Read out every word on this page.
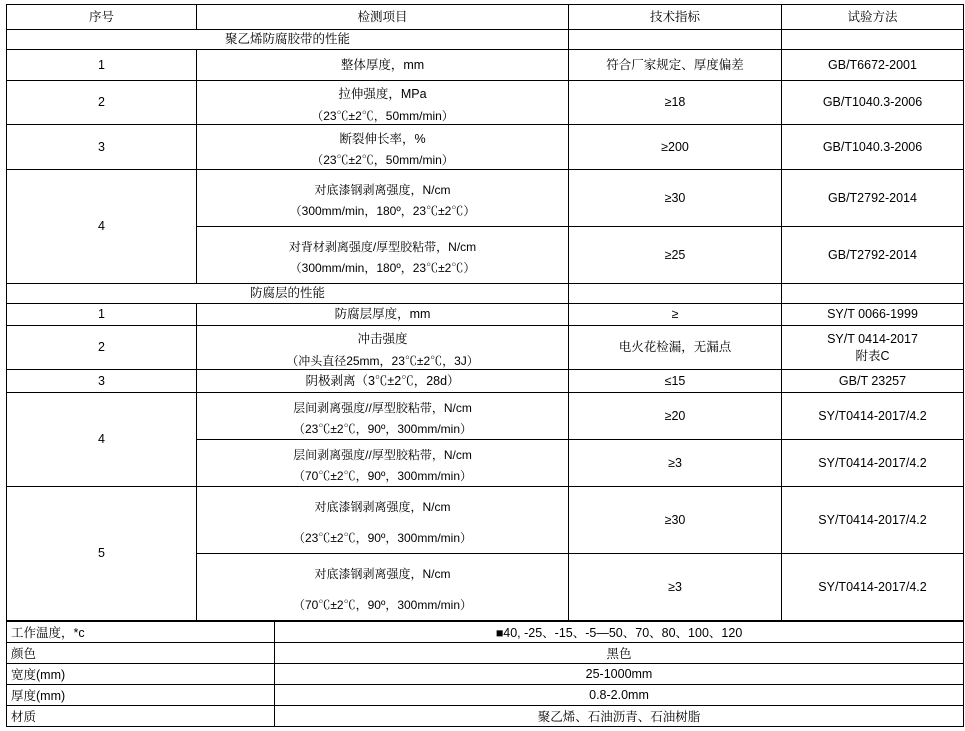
序号	检测项目	技术指标	试验方法
聚乙烯防腐胶带的性能			
1	整体厚度，mm	符合厂家规定、厚度偏差	GB/T6672-2001
2	拉伸强度，MPa
（23℃±2℃，50mm/min）	≥18	GB/T1040.3-2006
3	断裂伸长率，%
（23℃±2℃，50mm/min）	≥200	GB/T1040.3-2006
4	对底漆钢剥离强度，N/cm
（300mm/min，180º，23℃±2℃）	≥30	GB/T2792-2014

	对背材剥离强度/厚型胶粘带，N/cm
（300mm/min，180º，23℃±2℃）	≥25	GB/T2792-2014
防腐层的性能			
1	防腐层厚度，mm	≥	SY/T 0066-1999
2	冲击强度
（冲头直径25mm，23℃±2℃，3J）	电火花检漏，无漏点	SY/T 0414-2017
附表C

3	阴极剥离（3℃±2℃，28d）	≤15	GB/T 23257
4	层间剥离强度//厚型胶粘带，N/cm
（23℃±2℃，90º，300mm/min）	≥20	SY/T0414-2017/4.2

	层间剥离强度//厚型胶粘带，N/cm
（70℃±2℃，90º，300mm/min）	≥3	SY/T0414-2017/4.2
5	对底漆钢剥离强度，N/cm
（23℃±2℃，90º，300mm/min）	≥30	SY/T0414-2017/4.2

	对底漆钢剥离强度，N/cm
（70℃±2℃，90º，300mm/min）	≥3	SY/T0414-2017/4.2
工作温度，*c	■40, -25、-15、-5—50、70、80、100、120
颜色	黑色
宽度(mm)	25-1000mm
厚度(mm)	0.8-2.0mm
材质	聚乙烯、石油沥青、石油树脂
